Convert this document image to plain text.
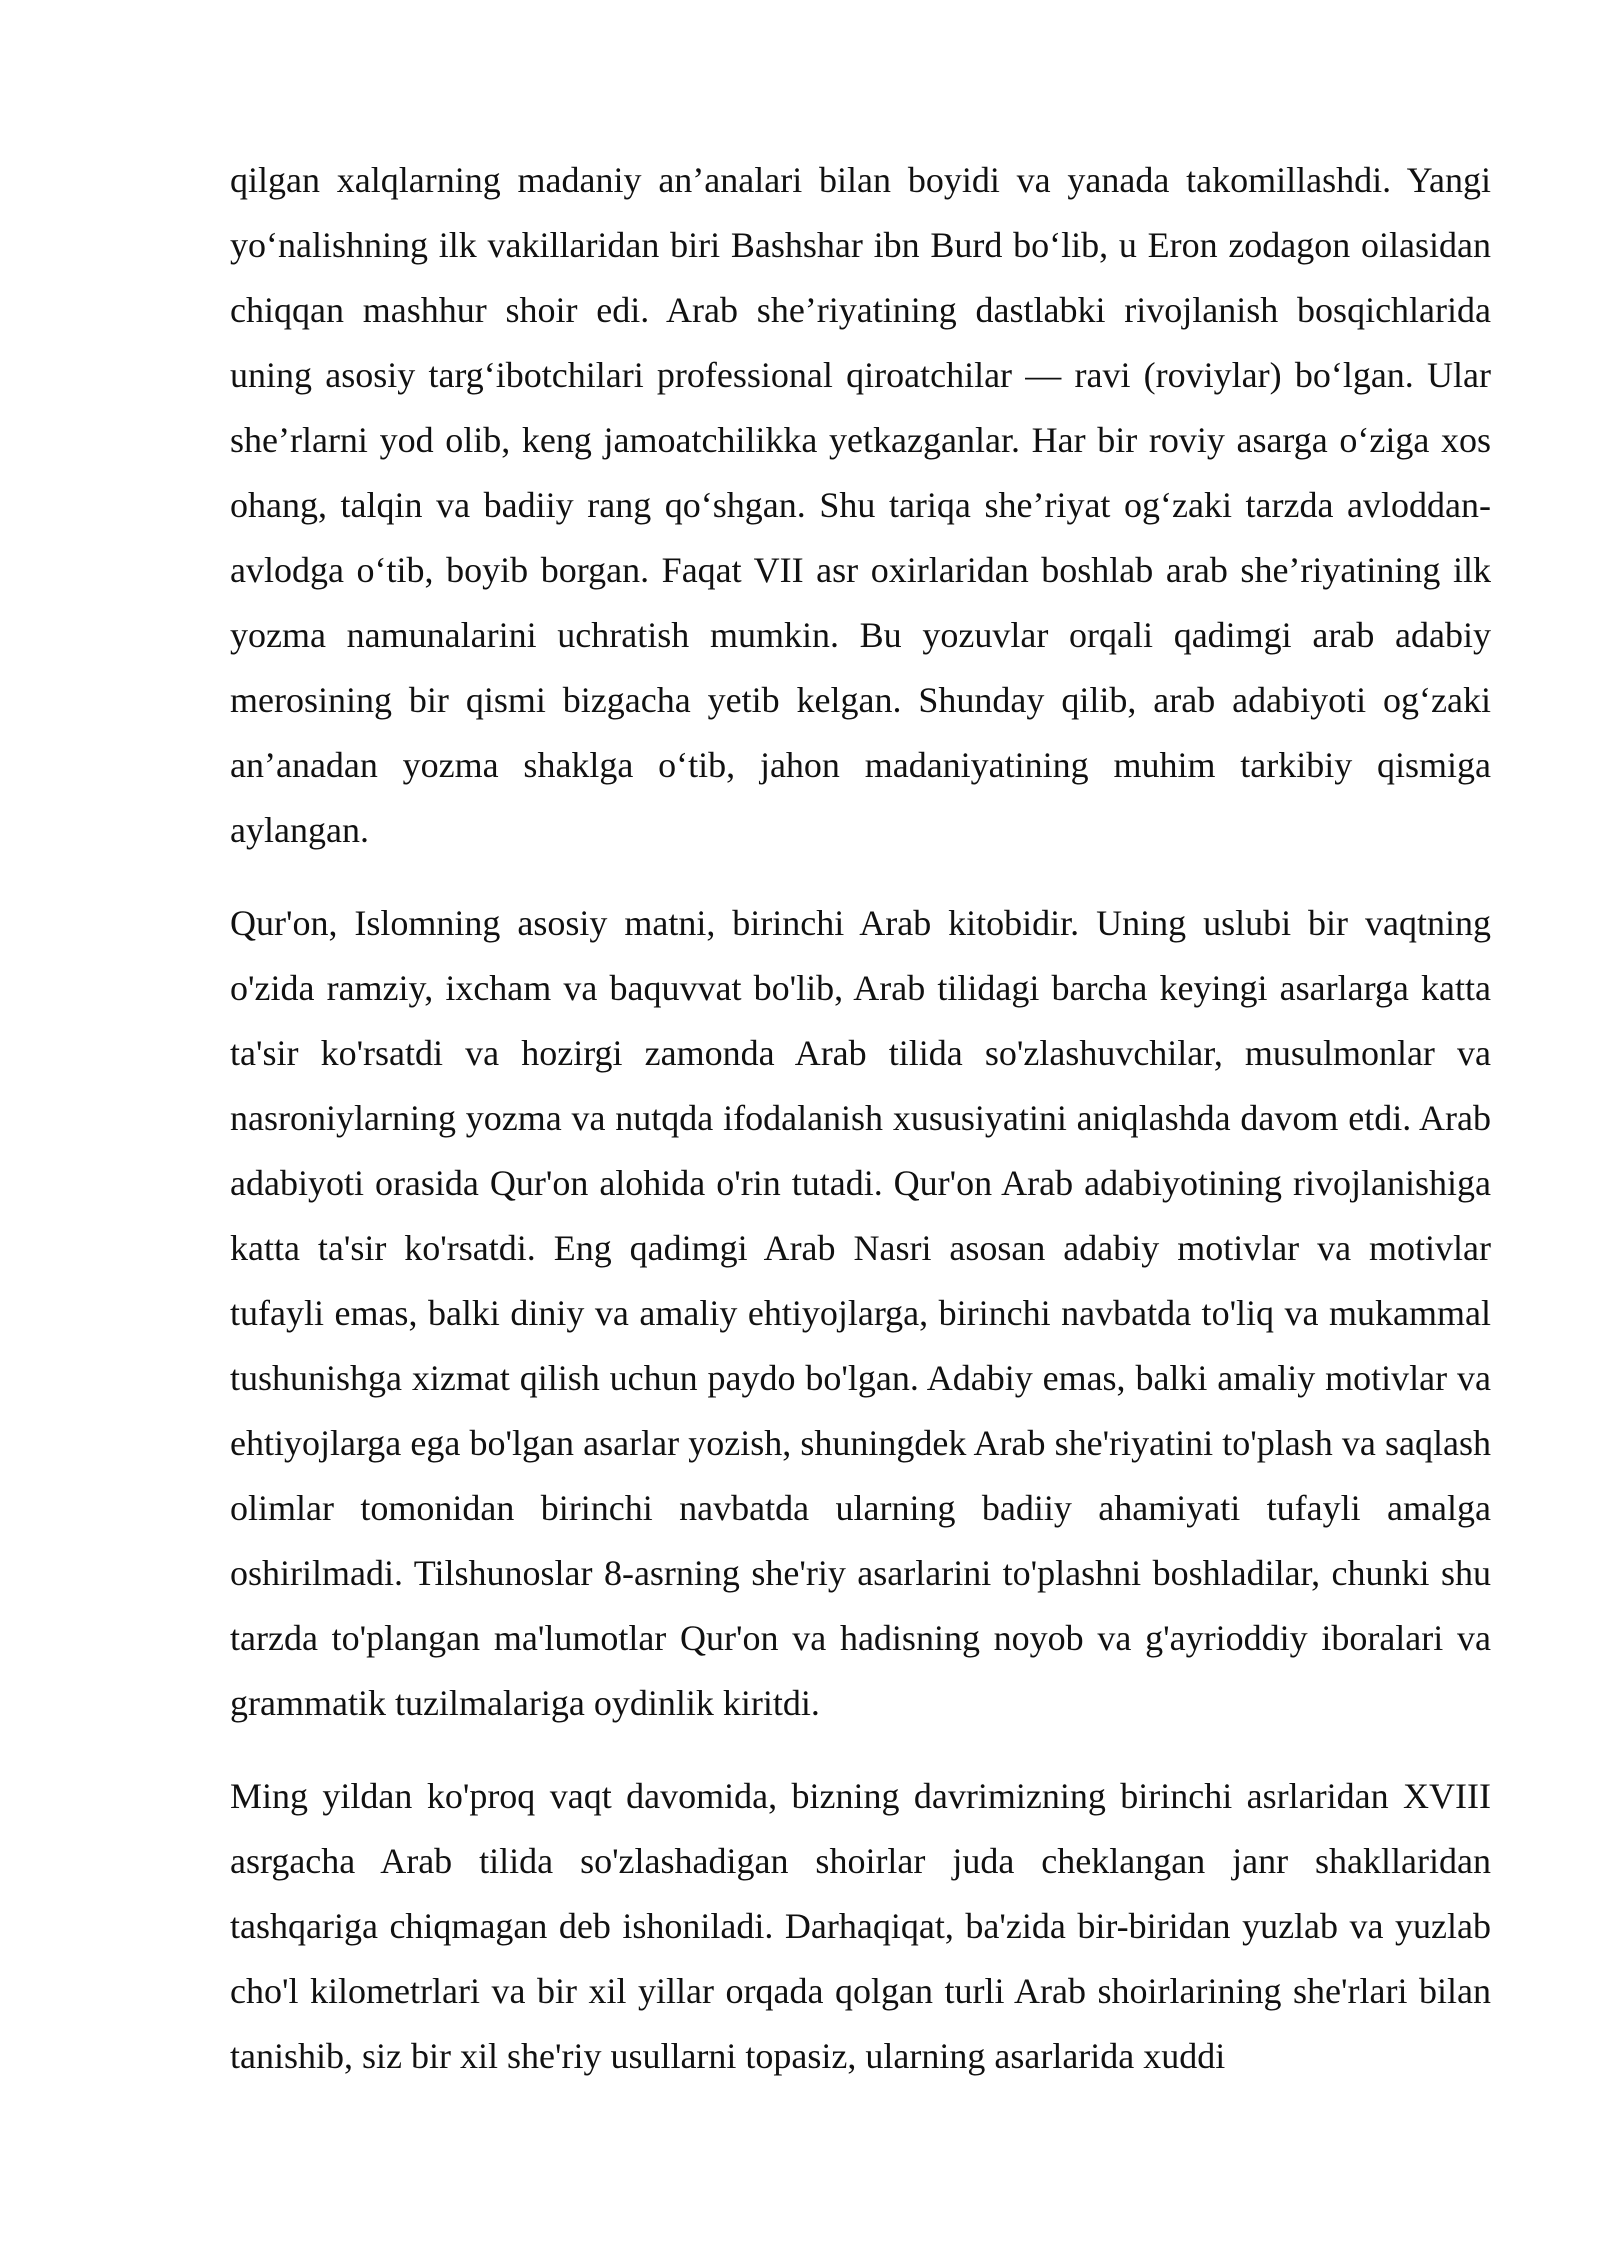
qilgan xalqlarning madaniy an’analari bilan boyidi va yanada takomillashdi. Yangi yo‘nalishning ilk vakillaridan biri Bashshar ibn Burd bo‘lib, u Eron zodagon oilasidan chiqqan mashhur shoir edi. Arab she’riyatining dastlabki rivojlanish bosqichlarida uning asosiy targ‘ibotchilari professional qiroatchilar — ravi (roviylar) bo‘lgan. Ular she’rlarni yod olib, keng jamoatchilikka yetkazganlar. Har bir roviy asarga o‘ziga xos ohang, talqin va badiiy rang qo‘shgan. Shu tariqa she’riyat og‘zaki tarzda avloddan-avlodga o‘tib, boyib borgan. Faqat VII asr oxirlaridan boshlab arab she’riyatining ilk yozma namunalarini uchratish mumkin. Bu yozuvlar orqali qadimgi arab adabiy merosining bir qismi bizgacha yetib kelgan. Shunday qilib, arab adabiyoti og‘zaki an’anadan yozma shaklga o‘tib, jahon madaniyatining muhim tarkibiy qismiga aylangan.

Qur'on, Islomning asosiy matni, birinchi Arab kitobidir. Uning uslubi bir vaqtning o'zida ramziy, ixcham va baquvvat bo'lib, Arab tilidagi barcha keyingi asarlarga katta ta'sir ko'rsatdi va hozirgi zamonda Arab tilida so'zlashuvchilar, musulmonlar va nasroniylarning yozma va nutqda ifodalanish xususiyatini aniqlashda davom etdi. Arab adabiyoti orasida Qur'on alohida o'rin tutadi. Qur'on Arab adabiyotining rivojlanishiga katta ta'sir ko'rsatdi. Eng qadimgi Arab Nasri asosan adabiy motivlar va motivlar tufayli emas, balki diniy va amaliy ehtiyojlarga, birinchi navbatda to'liq va mukammal tushunishga xizmat qilish uchun paydo bo'lgan. Adabiy emas, balki amaliy motivlar va ehtiyojlarga ega bo'lgan asarlar yozish, shuningdek Arab she'riyatini to'plash va saqlash olimlar tomonidan birinchi navbatda ularning badiiy ahamiyati tufayli amalga oshirilmadi. Tilshunoslar 8-asrning she'riy asarlarini to'plashni boshladilar, chunki shu tarzda to'plangan ma'lumotlar Qur'on va hadisning noyob va g'ayrioddiy iboralari va grammatik tuzilmalariga oydinlik kiritdi.

Ming yildan ko'proq vaqt davomida, bizning davrimizning birinchi asrlaridan XVIII asrgacha Arab tilida so'zlashadigan shoirlar juda cheklangan janr shakllaridan tashqariga chiqmagan deb ishoniladi. Darhaqiqat, ba'zida bir-biridan yuzlab va yuzlab cho'l kilometrlari va bir xil yillar orqada qolgan turli Arab shoirlarining she'rlari bilan tanishib, siz bir xil she'riy usullarni topasiz, ularning asarlarida xuddi
